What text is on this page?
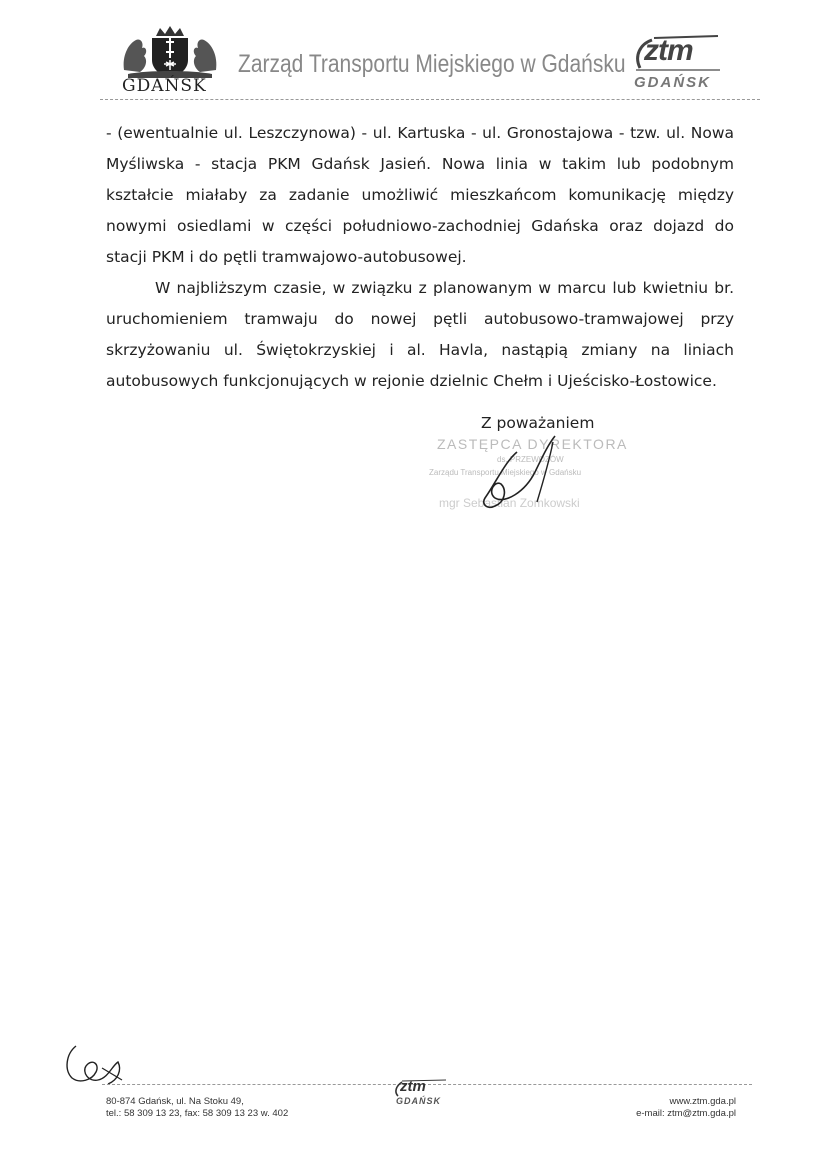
GDAŃSK
Zarząd Transportu Miejskiego w Gdańsku ztm
GDAŃSK

- (ewentualnie ul. Leszczynowa) - ul. Kartuska - ul. Gronostajowa - tzw. ul. Nowa Myśliwska - stacja PKM Gdańsk Jasień. Nowa linia w takim lub podobnym kształcie miałaby za zadanie umożliwić mieszkańcom komunikację między nowymi osiedlami w części południowo-zachodniej Gdańska oraz dojazd do stacji PKM i do pętli tramwajowo-autobusowej.

W najbliższym czasie, w związku z planowanym w marcu lub kwietniu br. uruchomieniem tramwaju do nowej pętli autobusowo-tramwajowej przy skrzyżowaniu ul. Świętokrzyskiej i al. Havla, nastąpią zmiany na liniach autobusowych funkcjonujących w rejonie dzielnic Chełm i Ujeścisko-Łostowice.

Z poważaniem
ZASTĘPCA DYREKTORA
ds. PRZEWOZÓW
Zarządu Transportu Miejskiego w Gdańsku
mgr Sebastian Zomkowski
80-874 Gdańsk, ul. Na Stoku 49,
tel.: 58 309 13 23, fax: 58 309 13 23 w. 402
ztm
GDAŃSK	www.ztm.gda.pl
e-mail: ztm@ztm.gda.pl
